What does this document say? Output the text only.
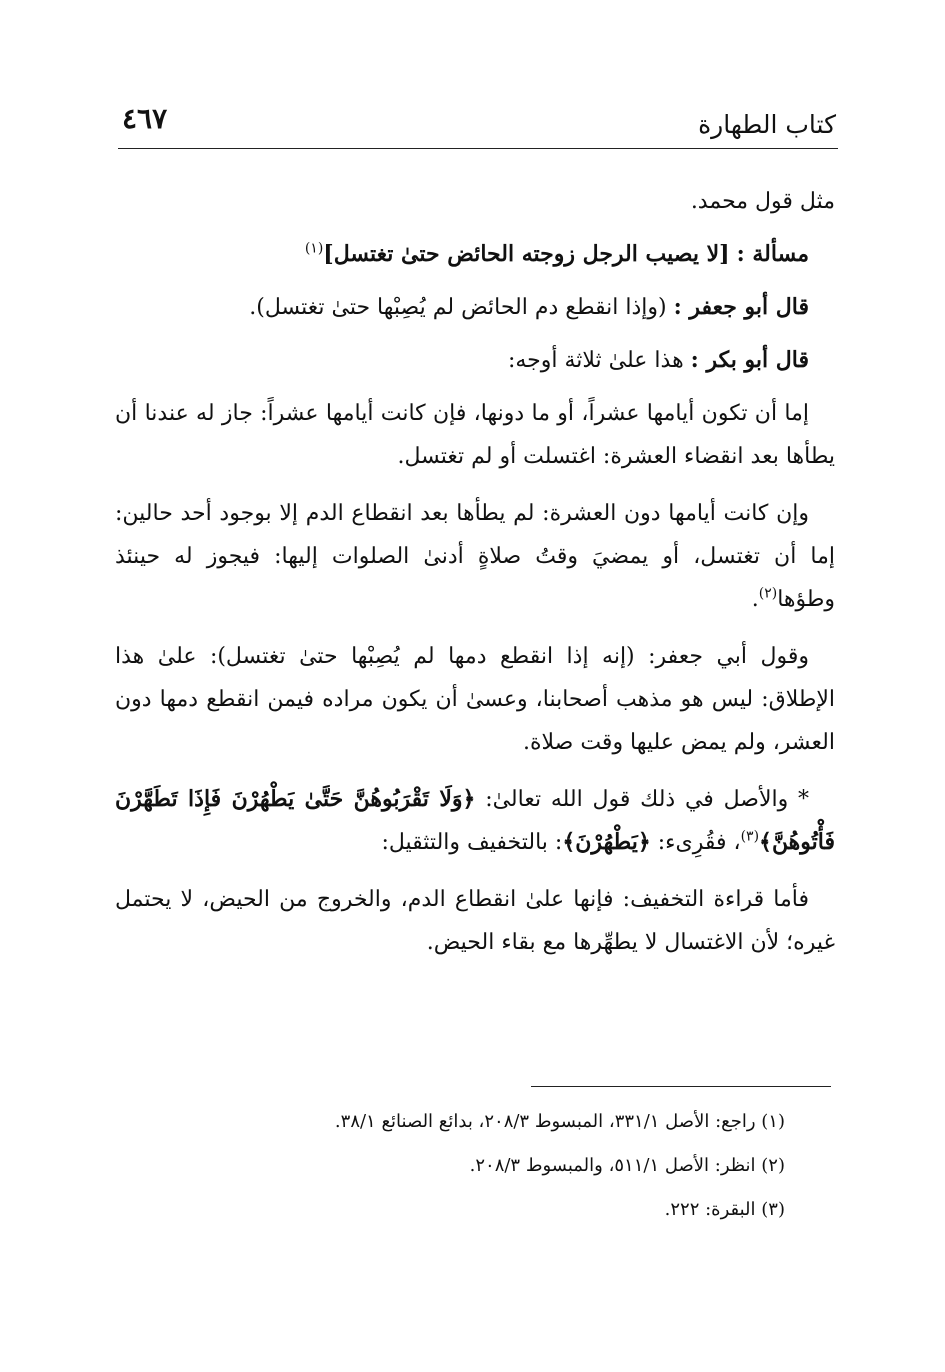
كتاب الطهارة
٤٦٧

مثل قول محمد.

مسألة : [لا يصيب الرجل زوجته الحائض حتىٰ تغتسل]$^{(١)}$

قال أبو جعفر : (وإذا انقطع دم الحائض لم يُصِبْها حتىٰ تغتسل).

قال أبو بكر : هذا علىٰ ثلاثة أوجه:

إما أن تكون أيامها عشراً، أو ما دونها، فإن كانت أيامها عشراً: جاز له عندنا أن يطأها بعد انقضاء العشرة: اغتسلت أو لم تغتسل.

وإن كانت أيامها دون العشرة: لم يطأها بعد انقطاع الدم إلا بوجود أحد حالين: إما أن تغتسل، أو يمضيَ وقتُ صلاةٍ أدنىٰ الصلوات إليها: فيجوز له حينئذ وطؤها$^{(٢)}$.

وقول أبي جعفر: (إنه إذا انقطع دمها لم يُصِبْها حتىٰ تغتسل): علىٰ هذا الإطلاق: ليس هو مذهب أصحابنا، وعسىٰ أن يكون مراده فيمن انقطع دمها دون العشر، ولم يمض عليها وقت صلاة.

* والأصل في ذلك قول الله تعالىٰ: ﴿وَلَا تَقْرَبُوهُنَّ حَتَّىٰ يَطْهُرْنَ فَإِذَا تَطَهَّرْنَ فَأْتُوهُنَّ﴾$^{(٣)}$، فقُرِىء: ﴿يَطْهُرْنَ﴾: بالتخفيف والتثقيل:

فأما قراءة التخفيف: فإنها علىٰ انقطاع الدم، والخروج من الحيض، لا يحتمل غيره؛ لأن الاغتسال لا يطهِّرها مع بقاء الحيض.

(١) راجع: الأصل ٣٣١/١، المبسوط ٢٠٨/٣، بدائع الصنائع ٣٨/١.
(٢) انظر: الأصل ٥١١/١، والمبسوط ٢٠٨/٣.
(٣) البقرة: ٢٢٢.
